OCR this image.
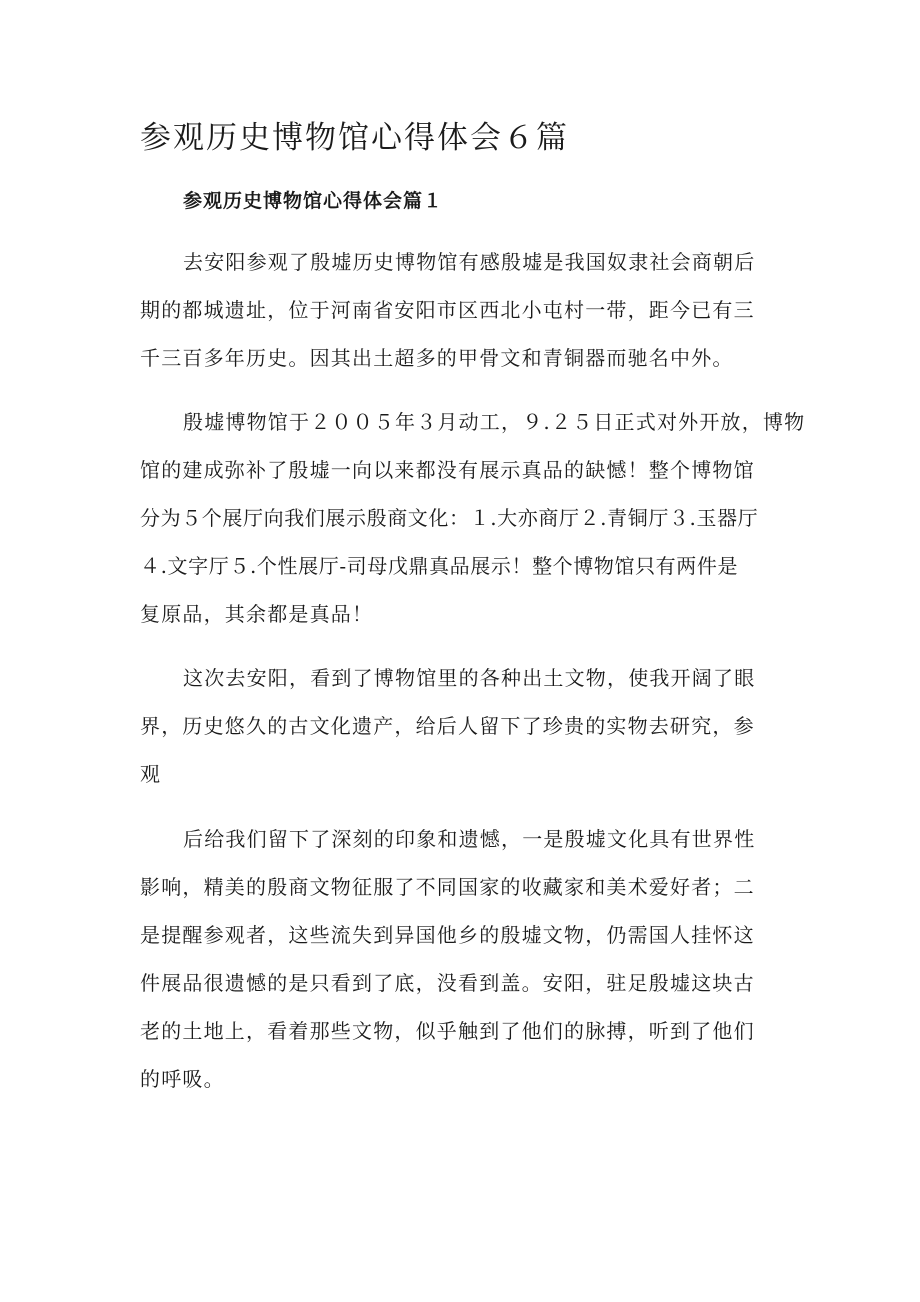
参观历史博物馆心得体会６篇
参观历史博物馆心得体会篇１
去安阳参观了殷墟历史博物馆有感殷墟是我国奴隶社会商朝后
期的都城遗址，位于河南省安阳市区西北小屯村一带，距今已有三
千三百多年历史。因其出土超多的甲骨文和青铜器而驰名中外。
殷墟博物馆于２００５年３月动工，９.２５日正式对外开放，博物
馆的建成弥补了殷墟一向以来都没有展示真品的缺憾！整个博物馆
分为５个展厅向我们展示殷商文化：１.大亦商厅２.青铜厅３.玉器厅
４.文字厅５.个性展厅-司母戊鼎真品展示！整个博物馆只有两件是
复原品，其余都是真品！
这次去安阳，看到了博物馆里的各种出土文物，使我开阔了眼
界，历史悠久的古文化遗产，给后人留下了珍贵的实物去研究，参
观
后给我们留下了深刻的印象和遗憾，一是殷墟文化具有世界性
影响，精美的殷商文物征服了不同国家的收藏家和美术爱好者；二
是提醒参观者，这些流失到异国他乡的殷墟文物，仍需国人挂怀这
件展品很遗憾的是只看到了底，没看到盖。安阳，驻足殷墟这块古
老的土地上，看着那些文物，似乎触到了他们的脉搏，听到了他们
的呼吸。
